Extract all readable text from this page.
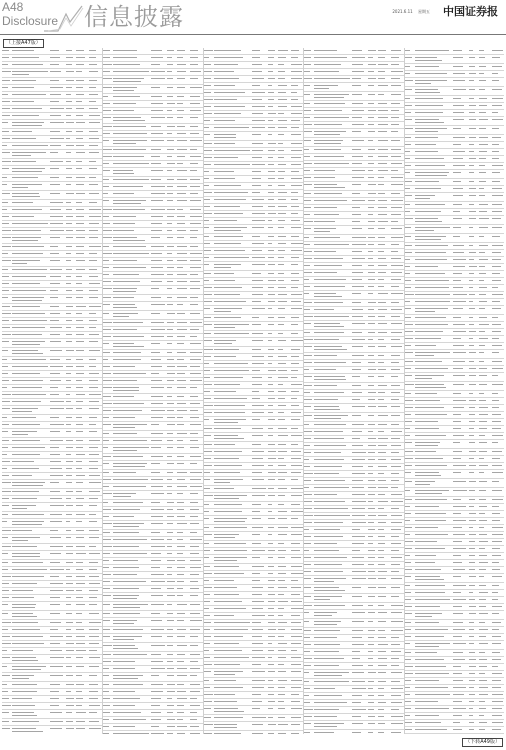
A48
Disclosure 信息披露	2021.6.11 星期五	中国证券报
（上接A47版）
（下转A49版）
